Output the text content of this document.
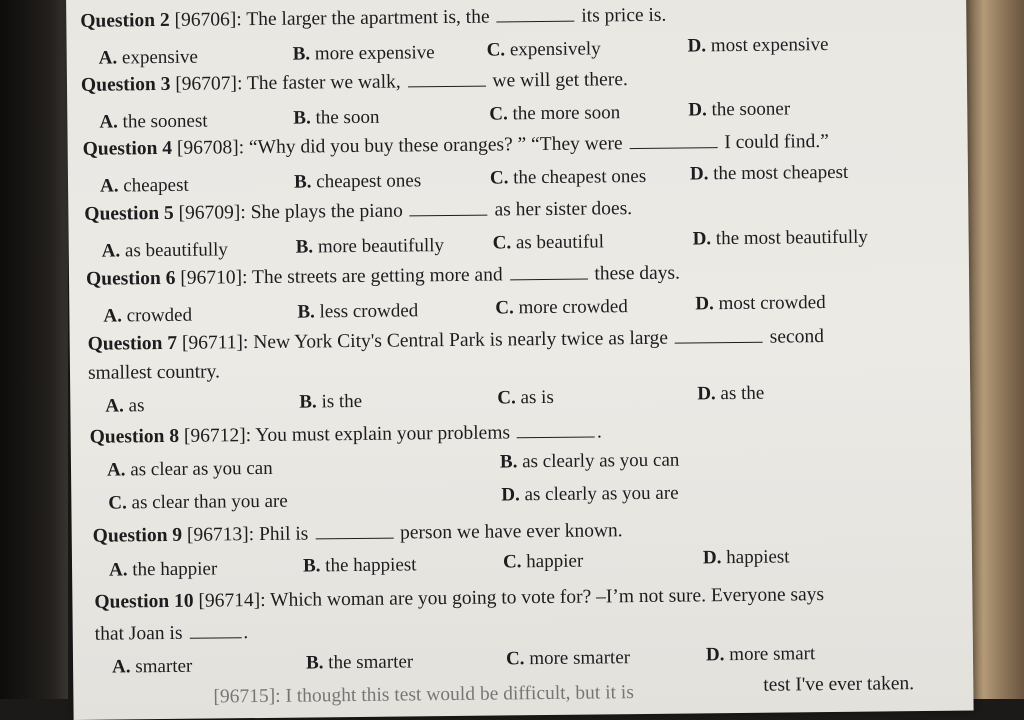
Question 2 [96706]: The larger the apartment is, the	its price is.
A. expensive	B. more expensive	C. expensively	D. most expensive
Question 3 [96707]: The faster we walk,	we will get there.
A. the soonest	B. the soon	C. the more soon	D. the sooner
Question 4 [96708]: “Why did you buy these oranges? ” “They were	I could find.”
A. cheapest	B. cheapest ones	C. the cheapest ones D. the most cheapest
Question 5 [96709]: She plays the piano	as her sister does.
A. as beautifully	B. more beautifully	C. as beautiful	D. the most beautifully
Question 6 [96710]: The streets are getting more and	these days.
A. crowded	B. less crowded	C. more crowded	D. most crowded
Question 7 [96711]: New York City's Central Park is nearly twice as large	second
smallest country.
A. as	B. is the	C. as is	D. as the
Question 8 [96712]: You must explain your problems	.
A. as clear as you can	B. as clearly as you can
C. as clear than you are	D. as clearly as you are
Question 9 [96713]: Phil is	person we have ever known.
A. the happier	B. the happiest	C. happier	D. happiest
Question 10 [96714]: Which woman are you going to vote for? –I’m not sure. Everyone says
that Joan is	.
A. smarter	B. the smarter	C. more smarter	D. more smart
[96715]: I thought this test would be difficult, but it is	test I've ever taken.
